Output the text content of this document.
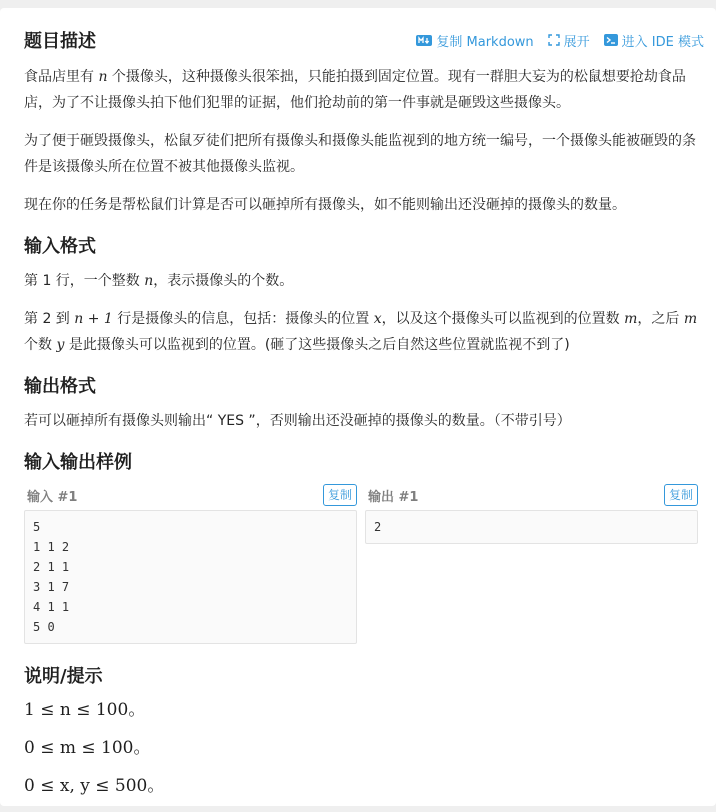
题目描述	复制 Markdown 展开 进入 IDE 模式

食品店里有 n 个摄像头，这种摄像头很笨拙，只能拍摄到固定位置。现有一群胆大妄为的松鼠想要抢劫食品店，为了不让摄像头拍下他们犯罪的证据，他们抢劫前的第一件事就是砸毁这些摄像头。

为了便于砸毁摄像头，松鼠歹徒们把所有摄像头和摄像头能监视到的地方统一编号，一个摄像头能被砸毁的条件是该摄像头所在位置不被其他摄像头监视。

现在你的任务是帮松鼠们计算是否可以砸掉所有摄像头，如不能则输出还没砸掉的摄像头的数量。

输入格式

第 1 行，一个整数 n，表示摄像头的个数。

第 2 到 n + 1 行是摄像头的信息，包括：摄像头的位置 x，以及这个摄像头可以监视到的位置数 m，之后 m 个数 y 是此摄像头可以监视到的位置。(砸了这些摄像头之后自然这些位置就监视不到了)

输出格式

若可以砸掉所有摄像头则输出“ YES ”，否则输出还没砸掉的摄像头的数量。（不带引号）

输入输出样例
输入 #1	复制
5
1 1 2
2 1 1
3 1 7
4 1 1
5 0
输出 #1	复制
2
说明/提示
1 ≤ n ≤ 100。
0 ≤ m ≤ 100。
0 ≤ x, y ≤ 500。
